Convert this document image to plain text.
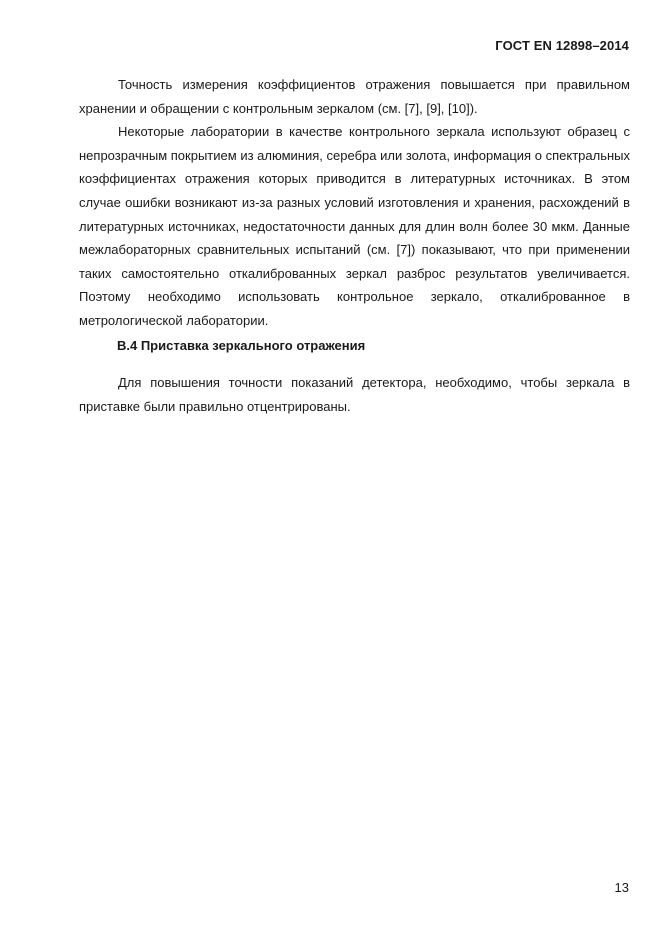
ГОСТ EN 12898–2014

Точность измерения коэффициентов отражения повышается при правильном хранении и обращении с контрольным зеркалом (см. [7], [9], [10]).

Некоторые лаборатории в качестве контрольного зеркала используют образец с непрозрачным покрытием из алюминия, серебра или золота, информация о спектральных коэффициентах отражения которых приводится в литературных источниках. В этом случае ошибки возникают из-за разных условий изготовления и хранения, расхождений в литературных источниках, недостаточности данных для длин волн более 30 мкм. Данные межлабораторных сравнительных испытаний (см. [7]) показывают, что при применении таких самостоятельно откалиброванных зеркал разброс результатов увеличивается. Поэтому необходимо использовать контрольное зеркало, откалиброванное в метрологической лаборатории.

В.4 Приставка зеркального отражения

Для повышения точности показаний детектора, необходимо, чтобы зеркала в приставке были правильно отцентрированы.

13
